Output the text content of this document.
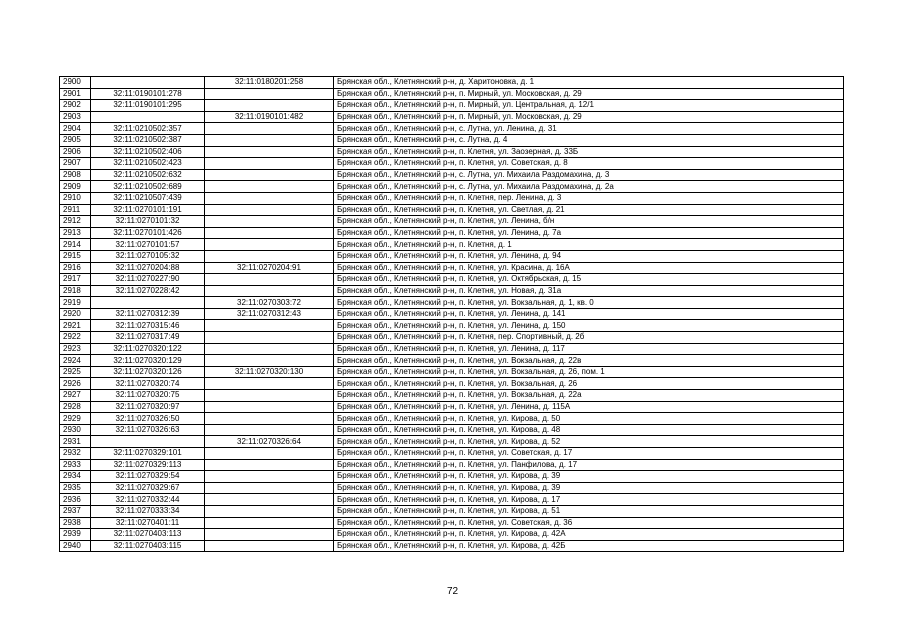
2900		32:11:0180201:258	Брянская обл., Клетнянский р-н, д. Харитоновка, д. 1
2901	32:11:0190101:278		Брянская обл., Клетнянский р-н, п. Мирный, ул. Московская, д. 29
2902	32:11:0190101:295		Брянская обл., Клетнянский р-н, п. Мирный, ул. Центральная, д. 12/1
2903		32:11:0190101:482	Брянская обл., Клетнянский р-н, п. Мирный, ул. Московская, д. 29
2904	32:11:0210502:357		Брянская обл., Клетнянский р-н, с. Лутна, ул. Ленина, д. 31
2905	32:11:0210502:387		Брянская обл., Клетнянский р-н, с. Лутна, д. 4
2906	32:11:0210502:406		Брянская обл., Клетнянский р-н, п. Клетня, ул. Заозерная, д. 33Б
2907	32:11:0210502:423		Брянская обл., Клетнянский р-н, п. Клетня, ул. Советская, д. 8
2908	32:11:0210502:632		Брянская обл., Клетнянский р-н, с. Лутна, ул. Михаила Раздомахина, д. 3
2909	32:11:0210502:689		Брянская обл., Клетнянский р-н, с. Лутна, ул. Михаила Раздомахина, д. 2а
2910	32:11:0210507:439		Брянская обл., Клетнянский р-н, п. Клетня, пер. Ленина, д. 3
2911	32:11:0270101:191		Брянская обл., Клетнянский р-н, п. Клетня, ул. Светлая, д. 21
2912	32:11:0270101:32		Брянская обл., Клетнянский р-н, п. Клетня, ул. Ленина, б/н
2913	32:11:0270101:426		Брянская обл., Клетнянский р-н, п. Клетня, ул. Ленина, д. 7а
2914	32:11:0270101:57		Брянская обл., Клетнянский р-н, п. Клетня, д. 1
2915	32:11:0270105:32		Брянская обл., Клетнянский р-н, п. Клетня, ул. Ленина, д. 94
2916	32:11:0270204:88	32:11:0270204:91	Брянская обл., Клетнянский р-н, п. Клетня, ул. Красина, д. 16А
2917	32:11:0270227:90		Брянская обл., Клетнянский р-н, п. Клетня, ул. Октябрьская, д. 15
2918	32:11:0270228:42		Брянская обл., Клетнянский р-н, п. Клетня, ул. Новая, д. 31а
2919		32:11:0270303:72	Брянская обл., Клетнянский р-н, п. Клетня, ул. Вокзальная, д. 1, кв. 0
2920	32:11:0270312:39	32:11:0270312:43	Брянская обл., Клетнянский р-н, п. Клетня, ул. Ленина, д. 141
2921	32:11:0270315:46		Брянская обл., Клетнянский р-н, п. Клетня, ул. Ленина, д. 150
2922	32:11:0270317:49		Брянская обл., Клетнянский р-н, п. Клетня, пер. Спортивный, д. 2б
2923	32:11:0270320:122		Брянская обл., Клетнянский р-н, п. Клетня, ул. Ленина, д. 117
2924	32:11:0270320:129		Брянская обл., Клетнянский р-н, п. Клетня, ул. Вокзальная, д. 22в
2925	32:11:0270320:126	32:11:0270320:130	Брянская обл., Клетнянский р-н, п. Клетня, ул. Вокзальная, д. 26, пом. 1
2926	32:11:0270320:74		Брянская обл., Клетнянский р-н, п. Клетня, ул. Вокзальная, д. 26
2927	32:11:0270320:75		Брянская обл., Клетнянский р-н, п. Клетня, ул. Вокзальная, д. 22а
2928	32:11:0270320:97		Брянская обл., Клетнянский р-н, п. Клетня, ул. Ленина, д. 115А
2929	32:11:0270326:50		Брянская обл., Клетнянский р-н, п. Клетня, ул. Кирова, д. 50
2930	32:11:0270326:63		Брянская обл., Клетнянский р-н, п. Клетня, ул. Кирова, д. 48
2931		32:11:0270326:64	Брянская обл., Клетнянский р-н, п. Клетня, ул. Кирова, д. 52
2932	32:11:0270329:101		Брянская обл., Клетнянский р-н, п. Клетня, ул. Советская, д. 17
2933	32:11:0270329:113		Брянская обл., Клетнянский р-н, п. Клетня, ул. Панфилова, д. 17
2934	32:11:0270329:54		Брянская обл., Клетнянский р-н, п. Клетня, ул. Кирова, д. 39
2935	32:11:0270329:67		Брянская обл., Клетнянский р-н, п. Клетня, ул. Кирова, д. 39
2936	32:11:0270332:44		Брянская обл., Клетнянский р-н, п. Клетня, ул. Кирова, д. 17
2937	32:11:0270333:34		Брянская обл., Клетнянский р-н, п. Клетня, ул. Кирова, д. 51
2938	32:11:0270401:11		Брянская обл., Клетнянский р-н, п. Клетня, ул. Советская, д. 36
2939	32:11:0270403:113		Брянская обл., Клетнянский р-н, п. Клетня, ул. Кирова, д. 42А
2940	32:11:0270403:115		Брянская обл., Клетнянский р-н, п. Клетня, ул. Кирова, д. 42Б
72
